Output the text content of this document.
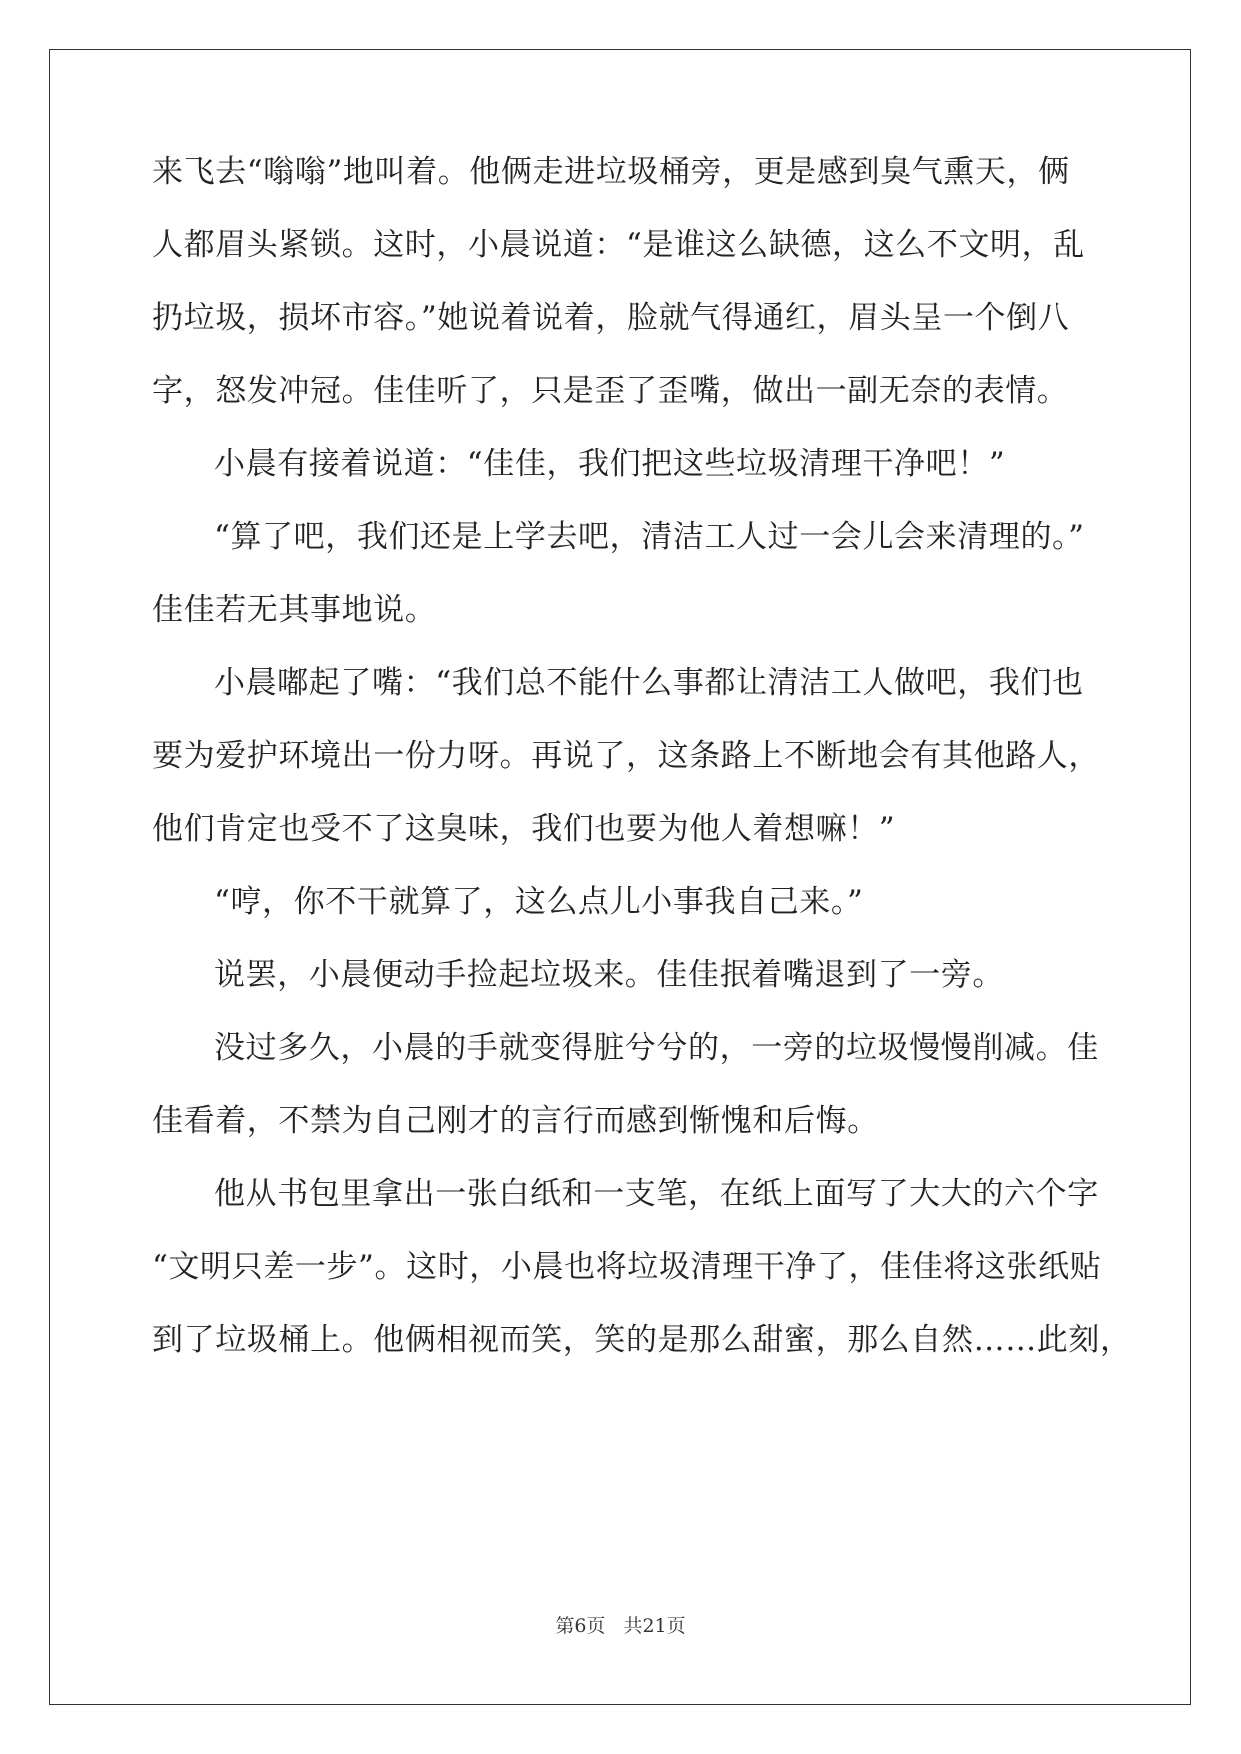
来飞去“嗡嗡”地叫着。他俩走进垃圾桶旁，更是感到臭气熏天，俩
人都眉头紧锁。这时，小晨说道：“是谁这么缺德，这么不文明，乱
扔垃圾，损坏市容。”她说着说着，脸就气得通红，眉头呈一个倒八
字，怒发冲冠。佳佳听了，只是歪了歪嘴，做出一副无奈的表情。
小晨有接着说道：“佳佳，我们把这些垃圾清理干净吧！”
“算了吧，我们还是上学去吧，清洁工人过一会儿会来清理的。”
佳佳若无其事地说。
小晨嘟起了嘴：“我们总不能什么事都让清洁工人做吧，我们也
要为爱护环境出一份力呀。再说了，这条路上不断地会有其他路人，
他们肯定也受不了这臭味，我们也要为他人着想嘛！”
“哼，你不干就算了，这么点儿小事我自己来。”
说罢，小晨便动手捡起垃圾来。佳佳抿着嘴退到了一旁。
没过多久，小晨的手就变得脏兮兮的，一旁的垃圾慢慢削减。佳
佳看着，不禁为自己刚才的言行而感到惭愧和后悔。
他从书包里拿出一张白纸和一支笔，在纸上面写了大大的六个字
“文明只差一步”。这时，小晨也将垃圾清理干净了，佳佳将这张纸贴
到了垃圾桶上。他俩相视而笑，笑的是那么甜蜜，那么自然……此刻，
第6页 共21页
